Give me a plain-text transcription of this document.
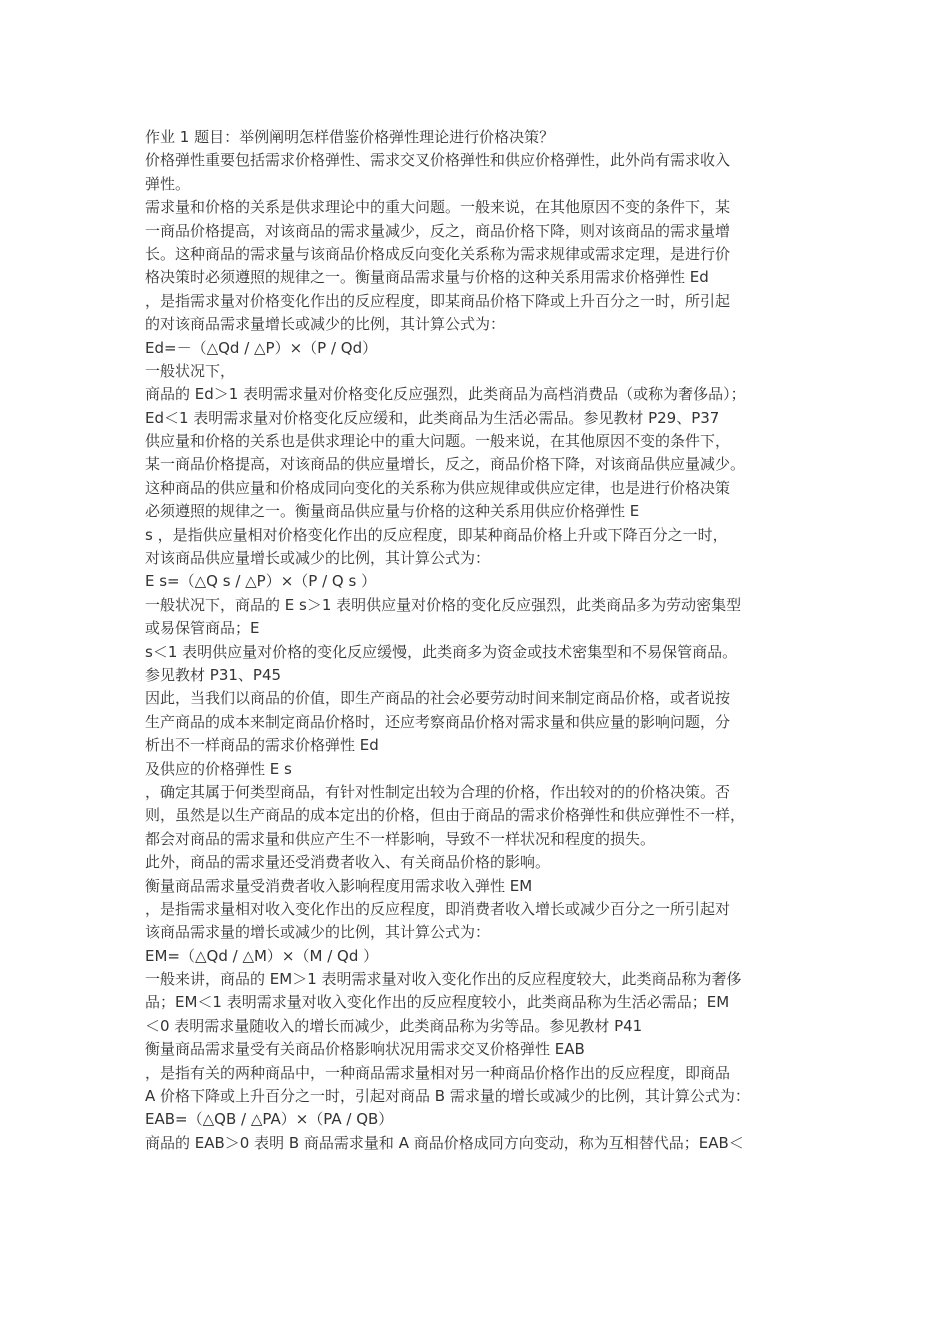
作业 1 题目：举例阐明怎样借鉴价格弹性理论进行价格决策？
价格弹性重要包括需求价格弹性、需求交叉价格弹性和供应价格弹性，此外尚有需求收入
弹性。
需求量和价格的关系是供求理论中的重大问题。一般来说，在其他原因不变的条件下，某
一商品价格提高，对该商品的需求量减少，反之，商品价格下降，则对该商品的需求量增
长。这种商品的需求量与该商品价格成反向变化关系称为需求规律或需求定理，是进行价
格决策时必须遵照的规律之一。衡量商品需求量与价格的这种关系用需求价格弹性 Ed
，是指需求量对价格变化作出的反应程度，即某商品价格下降或上升百分之一时，所引起
的对该商品需求量增长或减少的比例，其计算公式为：
Ed=－（△Qd / △P）×（P / Qd）
一般状况下，
商品的 Ed＞1 表明需求量对价格变化反应强烈，此类商品为高档消费品（或称为奢侈品）；
Ed＜1 表明需求量对价格变化反应缓和，此类商品为生活必需品。参见教材 P29、P37
供应量和价格的关系也是供求理论中的重大问题。一般来说，在其他原因不变的条件下，
某一商品价格提高，对该商品的供应量增长，反之，商品价格下降，对该商品供应量减少。
这种商品的供应量和价格成同向变化的关系称为供应规律或供应定律，也是进行价格决策
必须遵照的规律之一。衡量商品供应量与价格的这种关系用供应价格弹性 E
s ，是指供应量相对价格变化作出的反应程度，即某种商品价格上升或下降百分之一时，
对该商品供应量增长或减少的比例，其计算公式为：
E s=（△Q s / △P）×（P / Q s ）
一般状况下，商品的 E s＞1 表明供应量对价格的变化反应强烈，此类商品多为劳动密集型
或易保管商品；E
s＜1 表明供应量对价格的变化反应缓慢，此类商多为资金或技术密集型和不易保管商品。
参见教材 P31、P45
因此，当我们以商品的价值，即生产商品的社会必要劳动时间来制定商品价格，或者说按
生产商品的成本来制定商品价格时，还应考察商品价格对需求量和供应量的影响问题，分
析出不一样商品的需求价格弹性 Ed
及供应的价格弹性 E s
，确定其属于何类型商品，有针对性制定出较为合理的价格，作出较对的的价格决策。否
则，虽然是以生产商品的成本定出的价格，但由于商品的需求价格弹性和供应弹性不一样，
都会对商品的需求量和供应产生不一样影响，导致不一样状况和程度的损失。
此外，商品的需求量还受消费者收入、有关商品价格的影响。
衡量商品需求量受消费者收入影响程度用需求收入弹性 EM
，是指需求量相对收入变化作出的反应程度，即消费者收入增长或减少百分之一所引起对
该商品需求量的增长或减少的比例，其计算公式为：
EM=（△Qd / △M）×（M / Qd ）
一般来讲，商品的 EM＞1 表明需求量对收入变化作出的反应程度较大，此类商品称为奢侈
品；EM＜1 表明需求量对收入变化作出的反应程度较小，此类商品称为生活必需品；EM
＜0 表明需求量随收入的增长而减少，此类商品称为劣等品。参见教材 P41
衡量商品需求量受有关商品价格影响状况用需求交叉价格弹性 EAB
，是指有关的两种商品中，一种商品需求量相对另一种商品价格作出的反应程度，即商品
A 价格下降或上升百分之一时，引起对商品 B 需求量的增长或减少的比例，其计算公式为：
EAB=（△QB / △PA）×（PA / QB）
商品的 EAB＞0 表明 B 商品需求量和 A 商品价格成同方向变动，称为互相替代品；EAB＜
